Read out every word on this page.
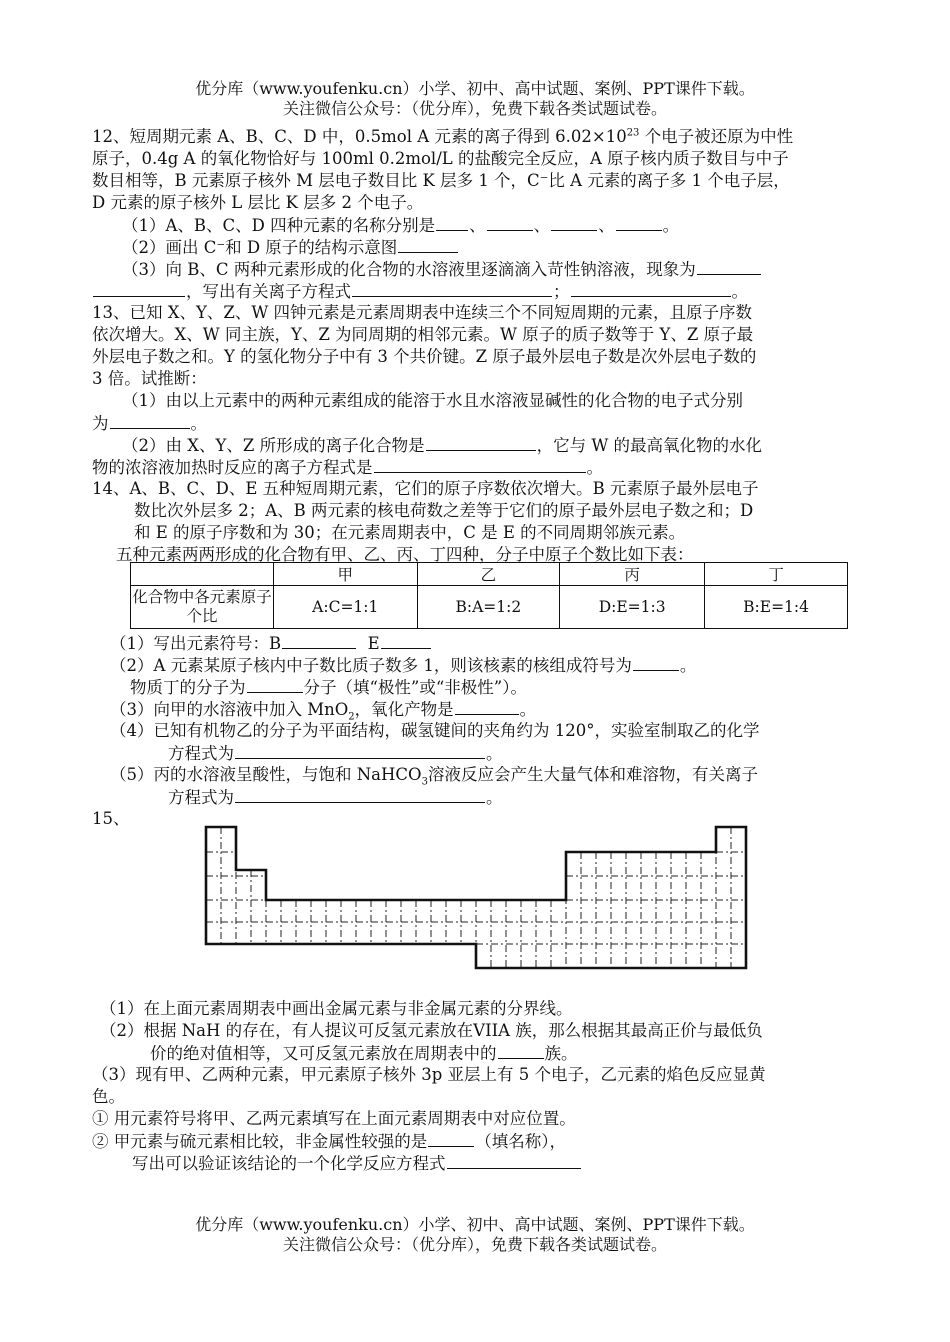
优分库（www.youfenku.cn）小学、初中、高中试题、案例、PPT课件下载。
关注微信公众号：（优分库），免费下载各类试题试卷。
12、短周期元素 A、B、C、D 中，0.5mol A 元素的离子得到 $6.02\times 10^{23}$ 个电子被还原为中性
原子，0.4g A 的氧化物恰好与 100ml 0.2mol/L 的盐酸完全反应，A 原子核内质子数目与中子
数目相等，B 元素原子核外 M 层电子数目比 K 层多 1 个，C⁻比 A 元素的离子多 1 个电子层，
D 元素的原子核外 L 层比 K 层多 2 个电子。
（1）A、B、C、D 四种元素的名称分别是 、	、	、	。
（2）画出 C⁻和 D 原子的结构示意图
（3）向 B、C 两种元素形成的化合物的水溶液里逐滴滴入苛性钠溶液，现象为
，写出有关离子方程式	；	。
13、已知 X、Y、Z、W 四钟元素是元素周期表中连续三个不同短周期的元素，且原子序数
依次增大。X、W 同主族，Y、Z 为同周期的相邻元素。W 原子的质子数等于 Y、Z 原子最
外层电子数之和。Y 的氢化物分子中有 3 个共价键。Z 原子最外层电子数是次外层电子数的
3 倍。试推断：
（1）由以上元素中的两种元素组成的能溶于水且水溶液显碱性的化合物的电子式分别
为	。
（2）由 X、Y、Z 所形成的离子化合物是	，它与 W 的最高氧化物的水化
物的浓溶液加热时反应的离子方程式是	。
14、A、B、C、D、E 五种短周期元素，它们的原子序数依次增大。B 元素原子最外层电子
数比次外层多 2；A、B 两元素的核电荷数之差等于它们的原子最外层电子数之和；D
和 E 的原子序数和为 30；在元素周期表中，C 是 E 的不同周期邻族元素。
五种元素两两形成的化合物有甲、乙、丙、丁四种，分子中原子个数比如下表：
	甲	乙	丙	丁
化合物中各元素原子个比	A:C=1:1	B:A=1:2	D:E=1:3	B:E=1:4
（1）写出元素符号：B	E
（2）A 元素某原子核内中子数比质子数多 1，则该核素的核组成符号为	。
物质丁的分子为	分子（填“极性”或“非极性”）。
（3）向甲的水溶液中加入 MnO$_2$，氧化产物是	。
（4）已知有机物乙的分子为平面结构，碳氢键间的夹角约为 120°，实验室制取乙的化学
方程式为	。
（5）丙的水溶液呈酸性，与饱和 NaHCO$_3$溶液反应会产生大量气体和难溶物，有关离子
方程式为	。
15、
（1）在上面元素周期表中画出金属元素与非金属元素的分界线。
（2）根据 NaH 的存在，有人提议可反氢元素放在VIIA 族，那么根据其最高正价与最低负
价的绝对值相等，又可反氢元素放在周期表中的	族。
（3）现有甲、乙两种元素，甲元素原子核外 3p 亚层上有 5 个电子，乙元素的焰色反应显黄
色。
① 用元素符号将甲、乙两元素填写在上面元素周期表中对应位置。
② 甲元素与硫元素相比较，非金属性较强的是	（填名称），
写出可以验证该结论的一个化学反应方程式
优分库（www.youfenku.cn）小学、初中、高中试题、案例、PPT课件下载。
关注微信公众号：（优分库），免费下载各类试题试卷。
